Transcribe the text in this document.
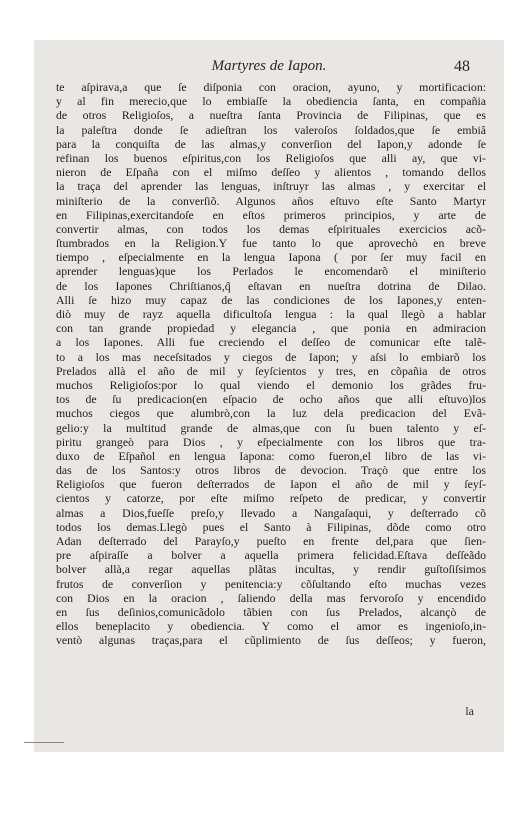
Martyres de Iapon.	48
te aſpirava,a que ſe diſponia con oracion, ayuno, y mortificacion:
y al fin merecio,que lo embiaſſe la obediencia ſanta, en compañia
de otros Religioſos, a nueſtra ſanta Provincia de Filipinas, que es
la paleſtra donde ſe adieſtran los valeroſos ſoldados,que ſe embiâ
para la conquiſta de las almas,y converſion del Iapon,y adonde ſe
refinan los buenos eſpiritus,con los Religioſos que alli ay, que vi-
nieron de Eſpaña con el miſmo deſſeo y alientos , tomando dellos
la traça del aprender las lenguas, inſtruyr las almas , y exercitar el
miniſterio de la converſiõ. Algunos años eſtuvo eſte Santo Martyr
en Filipinas,exercitandoſe en eſtos primeros principios, y arte de
convertir almas, con todos los demas eſpirituales exercicios acõ-
ſtumbrados en la Religion.Y fue tanto lo que aprovechò en breve
tiempo , eſpecialmente en la lengua Iapona ( por ſer muy facil en
aprender lenguas)que los Perlados le encomendarõ el miniſterio
de los Iapones Chriſtianos,q̃ eſtavan en nueſtra dotrina de Dilao.
Alli ſe hizo muy capaz de las condiciones de los Iapones,y enten-
diò muy de rayz aquella dificultoſa lengua : la qual llegò a hablar
con tan grande propiedad y elegancia , que ponia en admiracion
a los Iapones. Alli fue creciendo el deſſeo de comunicar eſte talẽ-
to a los mas neceſsitados y ciegos de Iapon; y aſsi lo embiarõ los
Prelados allà el año de mil y ſeyſcientos y tres, en cõpañia de otros
muchos Religioſos:por lo qual viendo el demonio los grãdes fru-
tos de ſu predicacion(en eſpacio de ocho años que alli eſtuvo)los
muchos ciegos que alumbrò,con la luz dela predicacion del Evã-
gelio:y la multitud grande de almas,que con ſu buen talento y eſ-
piritu grangeò para Dios , y eſpecialmente con los libros que tra-
duxo de Eſpañol en lengua Iapona: como fueron,el libro de las vi-
das de los Santos:y otros libros de devocion. Traçò que entre los
Religioſos que fueron deſterrados de Iapon el año de mil y ſeyſ-
cientos y catorze, por eſte miſmo reſpeto de predicar, y convertir
almas a Dios,fueſſe preſo,y llevado a Nangaſaqui, y deſterrado cõ
todos los demas.Llegò pues el Santo à Filipinas, dõde como otro
Adan deſterrado del Parayſo,y pueſto en frente del,para que ſien-
pre aſpiraſſe a bolver a aquella primera felicidad.Eſtava deſſeãdo
bolver allà,a regar aquellas plãtas incultas, y rendir guſtoſiſsimos
frutos de converſion y penitencia:y cõſultando eſto muchas vezes
con Dios en la oracion , ſaliendo della mas fervoroſo y encendido
en ſus deſinios,comunicãdolo tãbien con ſus Prelados, alcançò de
ellos beneplacito y obediencia. Y como el amor es ingenioſo,in-
ventò algunas traças,para el cũplimiento de ſus deſſeos; y fueron,
la
